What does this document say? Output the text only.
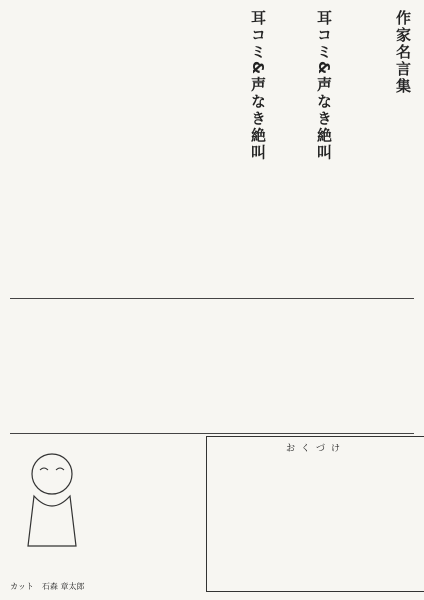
作家名言集
耳コミ&声なき絶叫
耳コミ&声なき絶叫
カット　石森 章太郎
おくづけ
